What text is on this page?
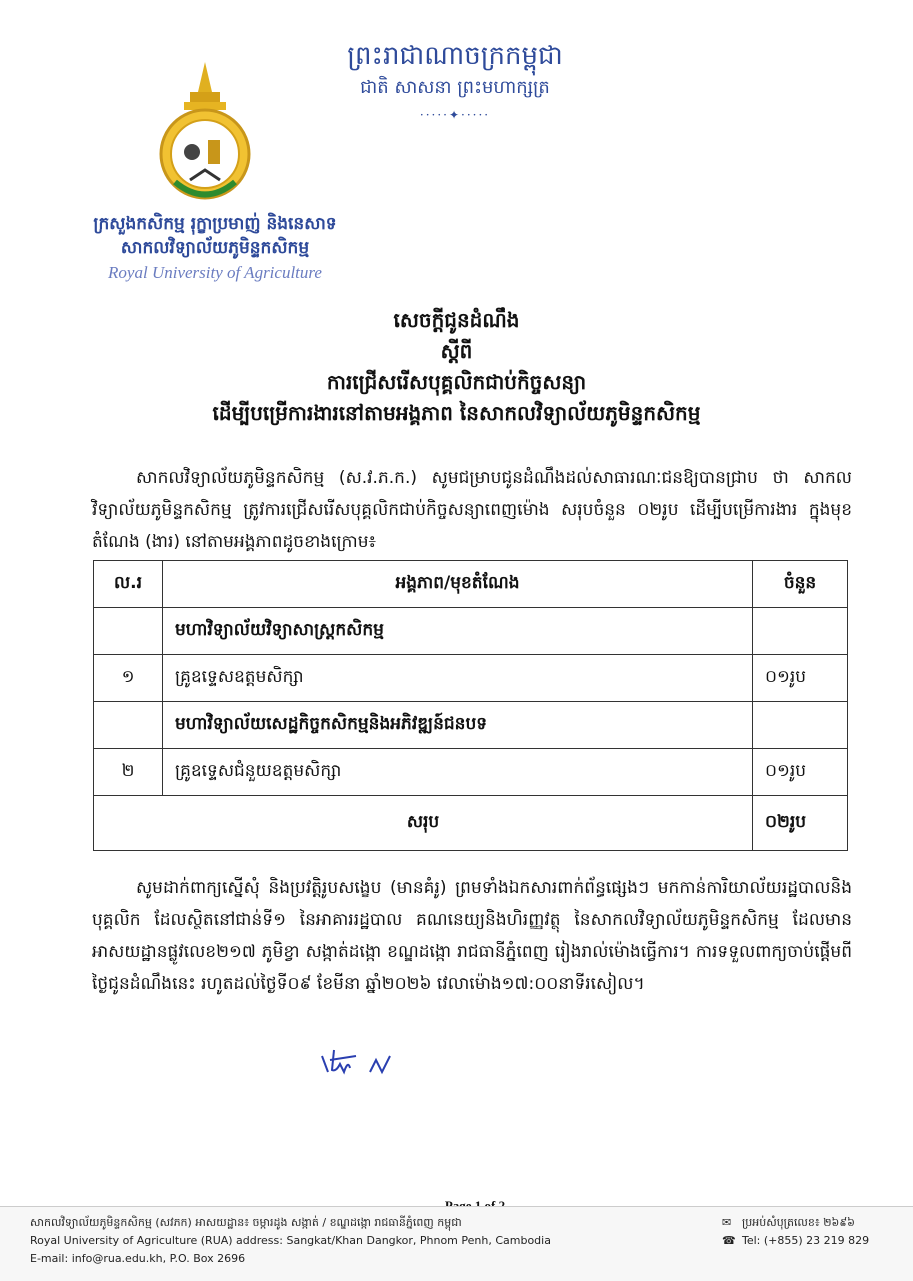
ព្រះរាជាណាចក្រកម្ពុជា
ជាតិ សាសនា ព្រះមហាក្សត្រ
·····✦·····
ក្រសួងកសិកម្ម រុក្ខាប្រមាញ់ និងនេសាទ
សាកលវិទ្យាល័យភូមិន្ទកសិកម្ម
Royal University of Agriculture
សេចក្តីជូនដំណឹង
ស្តីពី
ការជ្រើសរើសបុគ្គលិកជាប់កិច្ចសន្យា
ដើម្បីបម្រើការងារនៅតាមអង្គភាព នៃសាកលវិទ្យាល័យភូមិន្ទកសិកម្ម
សាកលវិទ្យាល័យភូមិន្ទកសិកម្ម (ស.វ.ភ.ក.) សូមជម្រាបជូនដំណឹងដល់សាធារណៈជនឱ្យបានជ្រាប ថា សាកលវិទ្យាល័យភូមិន្ទកសិកម្ម ត្រូវការជ្រើសរើសបុគ្គលិកជាប់កិច្ចសន្យាពេញម៉ោង សរុបចំនួន ០២រូប ដើម្បីបម្រើការងារ ក្នុងមុខតំណែង (ងារ) នៅតាមអង្គភាពដូចខាងក្រោម៖
ល.រ	អង្គភាព/មុខតំណែង	ចំនួន
	មហាវិទ្យាល័យវិទ្យាសាស្ត្រកសិកម្ម	
១	គ្រូឧទ្ទេសឧត្តមសិក្សា	០១រូប
	មហាវិទ្យាល័យសេដ្ឋកិច្ចកសិកម្មនិងអភិវឌ្ឍន៍ជនបទ	
២	គ្រូឧទ្ទេសជំនួយឧត្តមសិក្សា	០១រូប
សរុប		០២រូប
សូមដាក់ពាក្យស្នើសុំ និងប្រវត្តិរូបសង្ខេប (មានគំរូ) ព្រមទាំងឯកសារពាក់ព័ន្ធផ្សេងៗ មកកាន់ការិយាល័យរដ្ឋបាលនិងបុគ្គលិក ដែលស្ថិតនៅជាន់ទី១ នៃអាគាររដ្ឋបាល គណនេយ្យនិងហិរញ្ញវត្ថុ នៃសាកលវិទ្យាល័យភូមិន្ទកសិកម្ម ដែលមានអាសយដ្ឋានផ្លូវលេខ២១៧ ភូមិខ្វា សង្កាត់ដង្កោ ខណ្ឌដង្កោ រាជធានីភ្នំពេញ រៀងរាល់ម៉ោងធ្វើការ។ ការទទួលពាក្យចាប់ផ្តើមពីថ្ងៃជូនដំណឹងនេះ រហូតដល់ថ្ងៃទី០៩ ខែមីនា ឆ្នាំ២០២៦ វេលាម៉ោង១៧:០០នាទីរសៀល។
សាកលវិទ្យាល័យភូមិន្ទកសិកម្ម (សវភក) អាសយដ្ឋាន៖ ចម្ការដូង សង្កាត់ / ខណ្ឌដង្កោ រាជធានីភ្នំពេញ កម្ពុជា
Royal University of Agriculture (RUA) address: Sangkat/Khan Dangkor, Phnom Penh, Cambodia
E-mail: info@rua.edu.kh, P.O. Box 2696
✉ ប្រអប់សំបុត្រលេខ៖ ២៦៩៦
☎ Tel: (+855) 23 219 829
